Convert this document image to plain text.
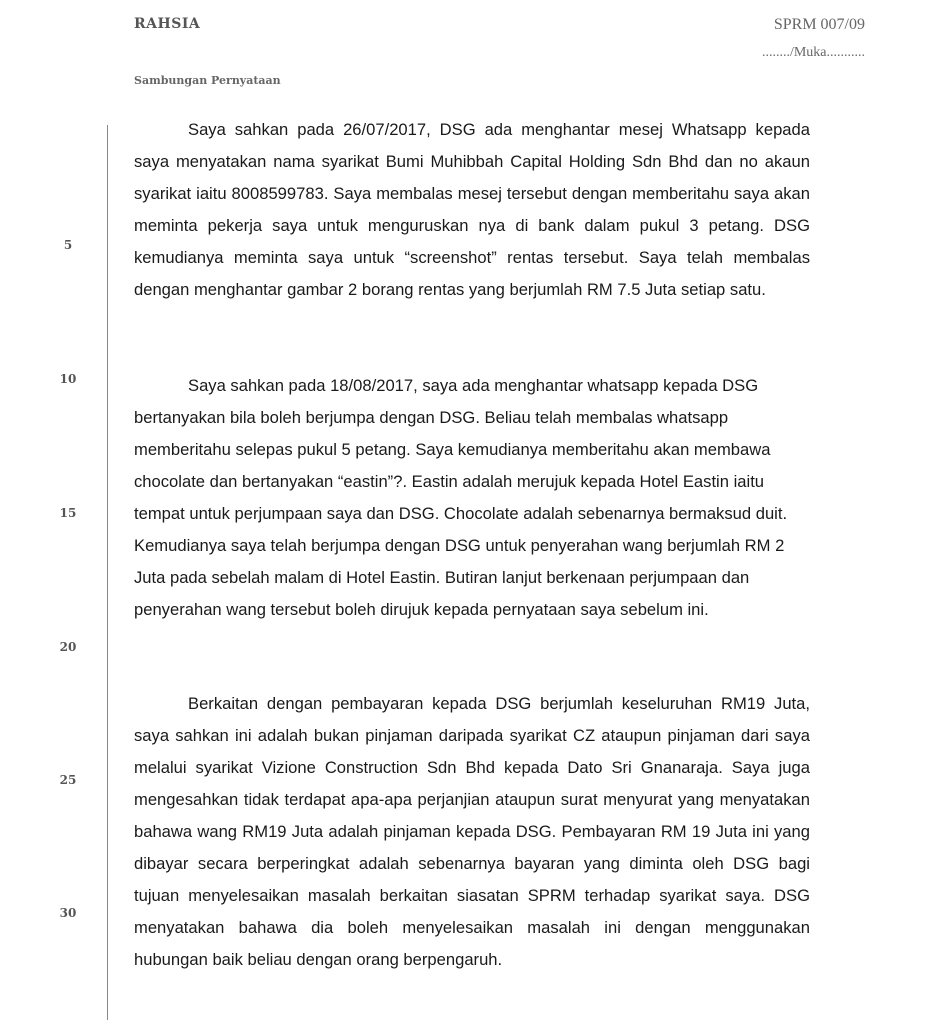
RAHSIA	SPRM 007/09
......../Muka...........
Sambungan Pernyataan
5
10
15
20
25
30

Saya sahkan pada 26/07/2017, DSG ada menghantar mesej Whatsapp kepada saya menyatakan nama syarikat Bumi Muhibbah Capital Holding Sdn Bhd dan no akaun syarikat iaitu 8008599783. Saya membalas mesej tersebut dengan memberitahu saya akan meminta pekerja saya untuk menguruskan nya di bank dalam pukul 3 petang. DSG kemudianya meminta saya untuk “screenshot” rentas tersebut. Saya telah membalas dengan menghantar gambar 2 borang rentas yang berjumlah RM 7.5 Juta setiap satu.

Saya sahkan pada 18/08/2017, saya ada menghantar whatsapp kepada DSG bertanyakan bila boleh berjumpa dengan DSG. Beliau telah membalas whatsapp memberitahu selepas pukul 5 petang. Saya kemudianya memberitahu akan membawa chocolate dan bertanyakan “eastin”?. Eastin adalah merujuk kepada Hotel Eastin iaitu tempat untuk perjumpaan saya dan DSG. Chocolate adalah sebenarnya bermaksud duit. Kemudianya saya telah berjumpa dengan DSG untuk penyerahan wang berjumlah RM 2 Juta pada sebelah malam di Hotel Eastin. Butiran lanjut berkenaan perjumpaan dan penyerahan wang tersebut boleh dirujuk kepada pernyataan saya sebelum ini.

Berkaitan dengan pembayaran kepada DSG berjumlah keseluruhan RM19 Juta, saya sahkan ini adalah bukan pinjaman daripada syarikat CZ ataupun pinjaman dari saya melalui syarikat Vizione Construction Sdn Bhd kepada Dato Sri Gnanaraja. Saya juga mengesahkan tidak terdapat apa-apa perjanjian ataupun surat menyurat yang menyatakan bahawa wang RM19 Juta adalah pinjaman kepada DSG. Pembayaran RM 19 Juta ini yang dibayar secara berperingkat adalah sebenarnya bayaran yang diminta oleh DSG bagi tujuan menyelesaikan masalah berkaitan siasatan SPRM terhadap syarikat saya. DSG menyatakan bahawa dia boleh menyelesaikan masalah ini dengan menggunakan hubungan baik beliau dengan orang berpengaruh.
